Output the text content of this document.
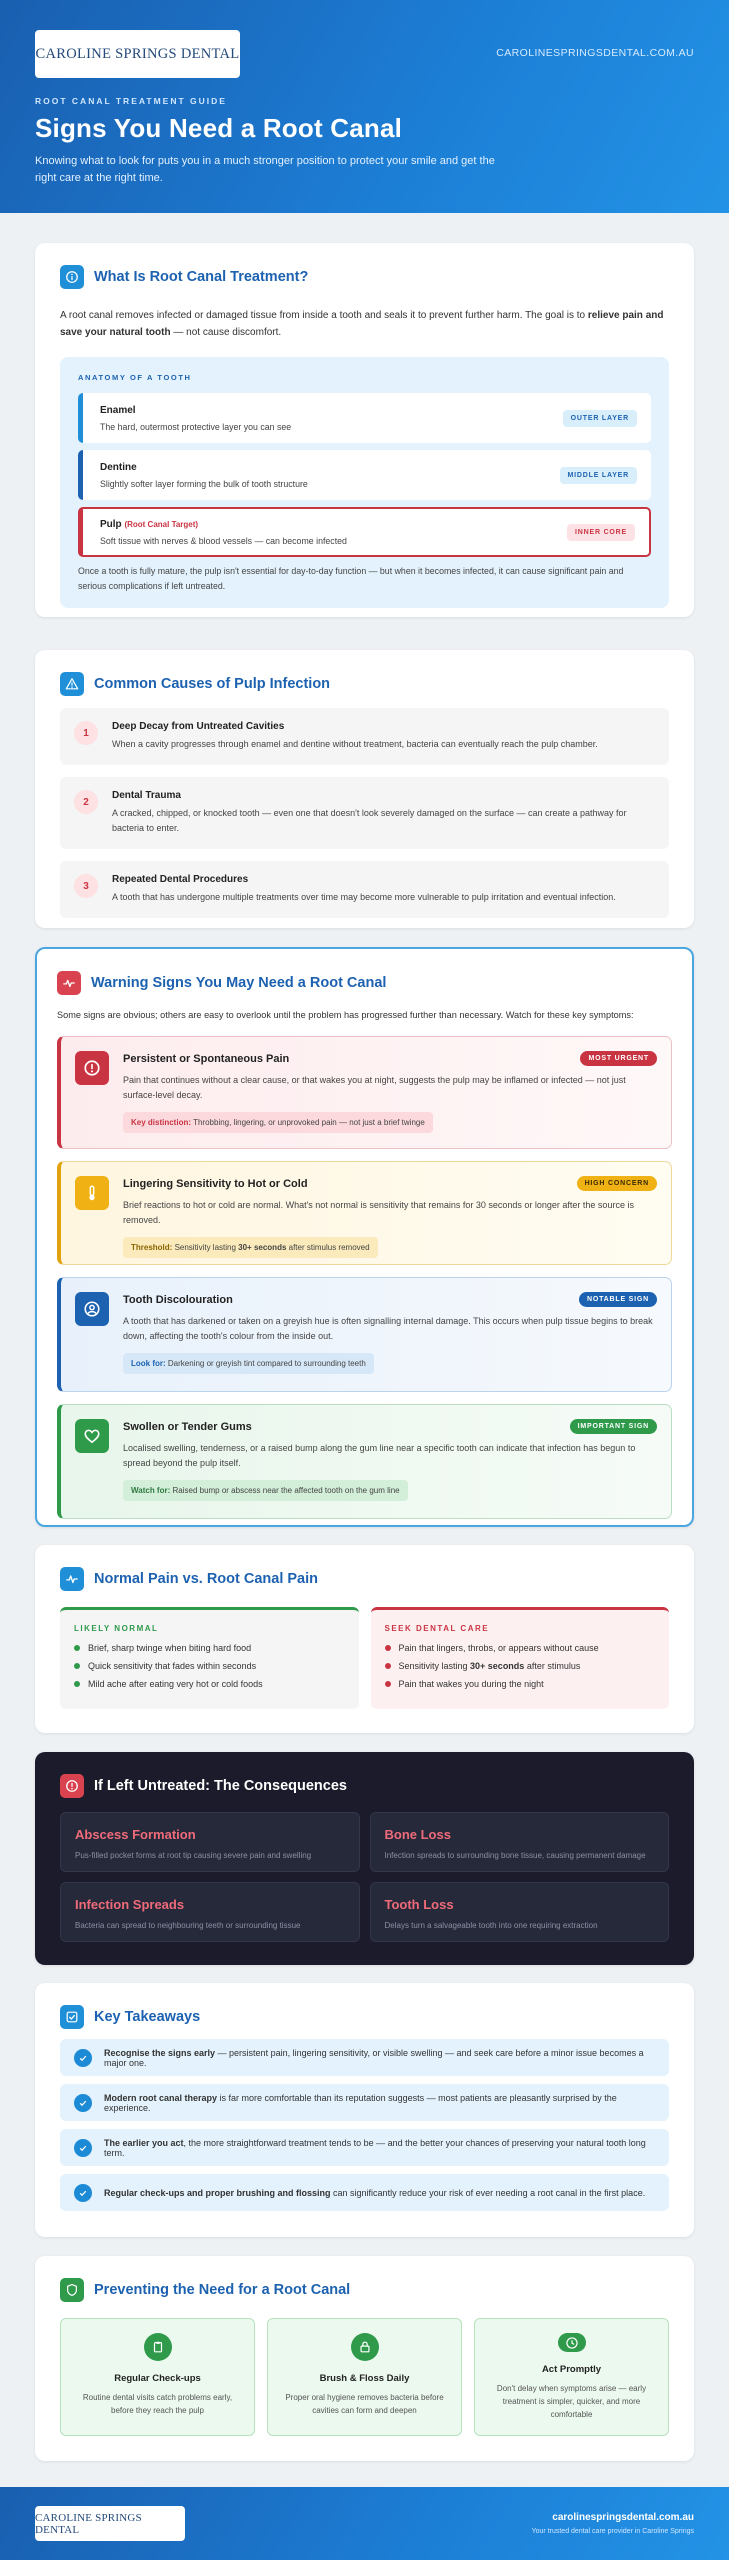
CAROLINE SPRINGS DENTAL	CAROLINESPRINGSDENTAL.COM.AU
ROOT CANAL TREATMENT GUIDE
Signs You Need a Root Canal

Knowing what to look for puts you in a much stronger position to protect your smile and get the right care at the right time.

What Is Root Canal Treatment?

A root canal removes infected or damaged tissue from inside a tooth and seals it to prevent further harm. The goal is to relieve pain and save your natural tooth — not cause discomfort.

ANATOMY OF A TOOTH
Enamel
The hard, outermost protective layer you can see
OUTER LAYER
Dentine
Slightly softer layer forming the bulk of tooth structure
MIDDLE LAYER
Pulp (Root Canal Target)
Soft tissue with nerves & blood vessels — can become infected
INNER CORE

Once a tooth is fully mature, the pulp isn't essential for day-to-day function — but when it becomes infected, it can cause significant pain and serious complications if left untreated.

Common Causes of Pulp Infection
1
Deep Decay from Untreated Cavities
When a cavity progresses through enamel and dentine without treatment, bacteria can eventually reach the pulp chamber.
2
Dental Trauma
A cracked, chipped, or knocked tooth — even one that doesn't look severely damaged on the surface — can create a pathway for bacteria to enter.
3
Repeated Dental Procedures
A tooth that has undergone multiple treatments over time may become more vulnerable to pulp irritation and eventual infection.
Warning Signs You May Need a Root Canal

Some signs are obvious; others are easy to overlook until the problem has progressed further than necessary. Watch for these key symptoms:

Persistent or Spontaneous Pain	MOST URGENT
Pain that continues without a clear cause, or that wakes you at night, suggests the pulp may be inflamed or infected — not just surface-level decay.
Key distinction: Throbbing, lingering, or unprovoked pain — not just a brief twinge
Lingering Sensitivity to Hot or Cold	HIGH CONCERN
Brief reactions to hot or cold are normal. What's not normal is sensitivity that remains for 30 seconds or longer after the source is removed.
Threshold: Sensitivity lasting 30+ seconds after stimulus removed
Tooth Discolouration	NOTABLE SIGN
A tooth that has darkened or taken on a greyish hue is often signalling internal damage. This occurs when pulp tissue begins to break down, affecting the tooth's colour from the inside out.
Look for: Darkening or greyish tint compared to surrounding teeth
Swollen or Tender Gums	IMPORTANT SIGN
Localised swelling, tenderness, or a raised bump along the gum line near a specific tooth can indicate that infection has begun to spread beyond the pulp itself.
Watch for: Raised bump or abscess near the affected tooth on the gum line
Normal Pain vs. Root Canal Pain
LIKELY NORMAL
Brief, sharp twinge when biting hard food
Quick sensitivity that fades within seconds
Mild ache after eating very hot or cold foods
SEEK DENTAL CARE
Pain that lingers, throbs, or appears without cause
Sensitivity lasting 30+ seconds after stimulus
Pain that wakes you during the night
If Left Untreated: The Consequences
Abscess Formation
Pus-filled pocket forms at root tip causing severe pain and swelling
Bone Loss
Infection spreads to surrounding bone tissue, causing permanent damage
Infection Spreads
Bacteria can spread to neighbouring teeth or surrounding tissue
Tooth Loss
Delays turn a salvageable tooth into one requiring extraction
Key Takeaways
Recognise the signs early — persistent pain, lingering sensitivity, or visible swelling — and seek care before a minor issue becomes a major one.
Modern root canal therapy is far more comfortable than its reputation suggests — most patients are pleasantly surprised by the experience.
The earlier you act, the more straightforward treatment tends to be — and the better your chances of preserving your natural tooth long term.
Regular check-ups and proper brushing and flossing can significantly reduce your risk of ever needing a root canal in the first place.
Preventing the Need for a Root Canal
Regular Check-ups
Routine dental visits catch problems early, before they reach the pulp
Brush & Floss Daily
Proper oral hygiene removes bacteria before cavities can form and deepen
Act Promptly
Don't delay when symptoms arise — early treatment is simpler, quicker, and more comfortable
CAROLINE SPRINGS DENTAL
carolinespringsdental.com.au
Your trusted dental care provider in Caroline Springs
